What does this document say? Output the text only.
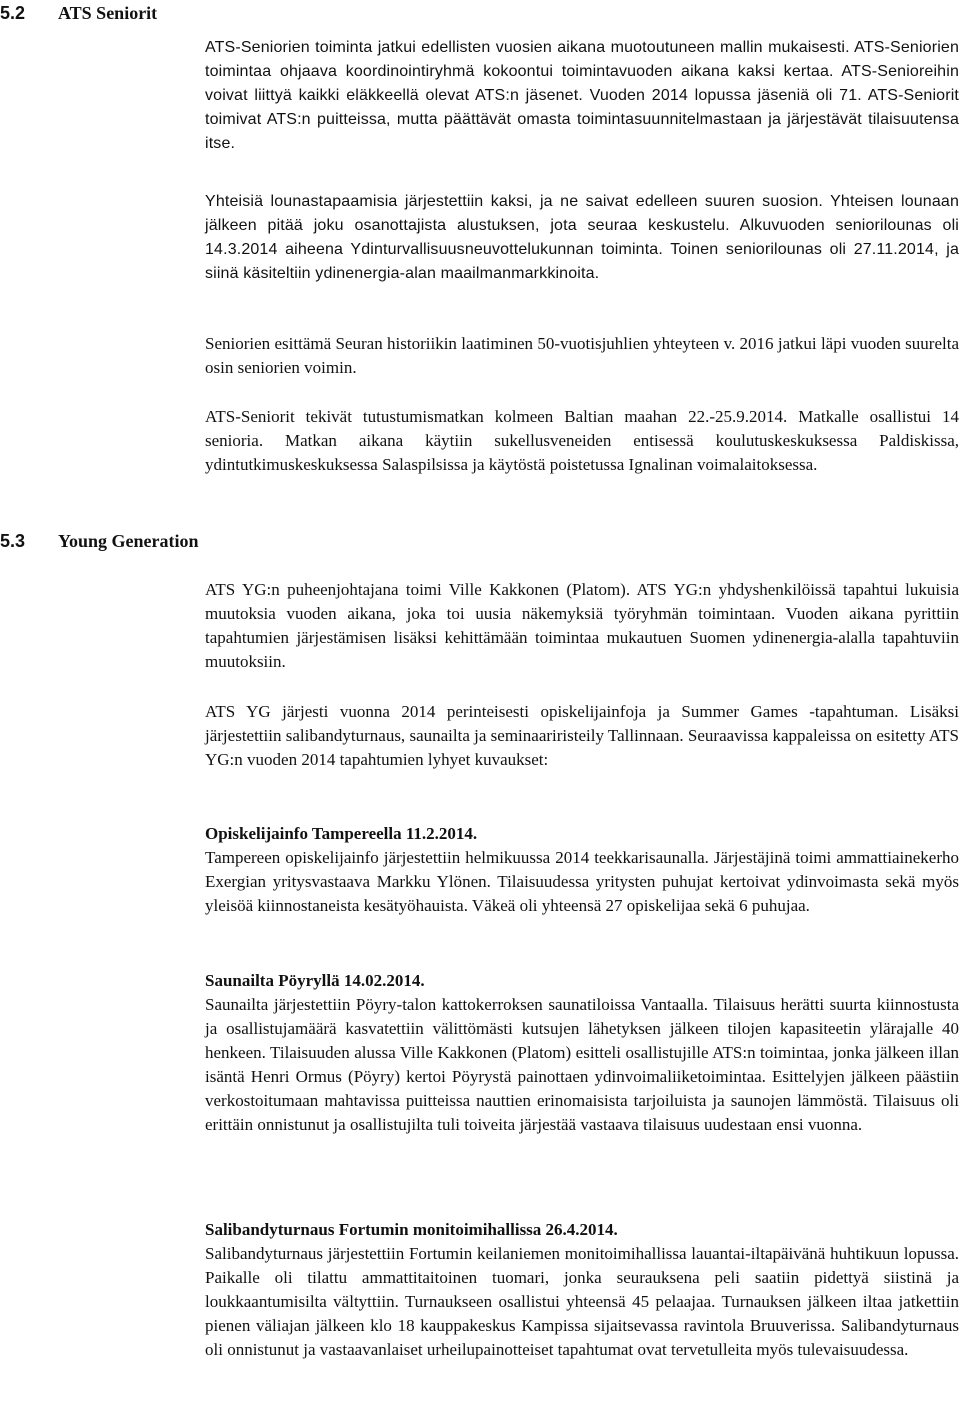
5.2 ATS Seniorit

ATS-Seniorien toiminta jatkui edellisten vuosien aikana muotoutuneen mallin mukaisesti. ATS-Seniorien toimintaa ohjaava koordinointiryhmä kokoontui toimintavuoden aikana kaksi kertaa. ATS-Senioreihin voivat liittyä kaikki eläkkeellä olevat ATS:n jäsenet. Vuoden 2014 lopussa jäseniä oli 71. ATS-Seniorit toimivat ATS:n puitteissa, mutta päättävät omasta toimintasuunnitelmastaan ja järjestävät tilaisuutensa itse.

Yhteisiä lounastapaamisia järjestettiin kaksi, ja ne saivat edelleen suuren suosion. Yhteisen lounaan jälkeen pitää joku osanottajista alustuksen, jota seuraa keskustelu. Alkuvuoden seniorilounas oli 14.3.2014 aiheena Ydinturvallisuusneuvottelukunnan toiminta. Toinen seniorilounas oli 27.11.2014, ja siinä käsiteltiin ydinenergia-alan maailmanmarkkinoita.

Seniorien esittämä Seuran historiikin laatiminen 50-vuotisjuhlien yhteyteen v. 2016 jatkui läpi vuoden suurelta osin seniorien voimin.

ATS-Seniorit tekivät tutustumismatkan kolmeen Baltian maahan 22.-25.9.2014. Matkalle osallistui 14 senioria. Matkan aikana käytiin sukellusveneiden entisessä koulutuskeskuksessa Paldiskissa, ydintutkimuskeskuksessa Salaspilsissa ja käytöstä poistetussa Ignalinan voimalaitoksessa.

5.3 Young Generation

ATS YG:n puheenjohtajana toimi Ville Kakkonen (Platom). ATS YG:n yhdyshenkilöissä tapahtui lukuisia muutoksia vuoden aikana, joka toi uusia näkemyksiä työryhmän toimintaan. Vuoden aikana pyrittiin tapahtumien järjestämisen lisäksi kehittämään toimintaa mukautuen Suomen ydinenergia-alalla tapahtuviin muutoksiin.

ATS YG järjesti vuonna 2014 perinteisesti opiskelijainfoja ja Summer Games -tapahtuman. Lisäksi järjestettiin salibandyturnaus, saunailta ja seminaariristeily Tallinnaan. Seuraavissa kappaleissa on esitetty ATS YG:n vuoden 2014 tapahtumien lyhyet kuvaukset:

Opiskelijainfo Tampereella 11.2.2014.
Tampereen opiskelijainfo järjestettiin helmikuussa 2014 teekkarisaunalla. Järjestäjinä toimi ammattiainekerho Exergian yritysvastaava Markku Ylönen. Tilaisuudessa yritysten puhujat kertoivat ydinvoimasta sekä myös yleisöä kiinnostaneista kesätyöhauista. Väkeä oli yhteensä 27 opiskelijaa sekä 6 puhujaa.

Saunailta Pöyryllä 14.02.2014.
Saunailta järjestettiin Pöyry-talon kattokerroksen saunatiloissa Vantaalla. Tilaisuus herätti suurta kiinnostusta ja osallistujamäärä kasvatettiin välittömästi kutsujen lähetyksen jälkeen tilojen kapasiteetin ylärajalle 40 henkeen. Tilaisuuden alussa Ville Kakkonen (Platom) esitteli osallistujille ATS:n toimintaa, jonka jälkeen illan isäntä Henri Ormus (Pöyry) kertoi Pöyrystä painottaen ydinvoimaliiketoimintaa. Esittelyjen jälkeen päästiin verkostoitumaan mahtavissa puitteissa nauttien erinomaisista tarjoiluista ja saunojen lämmöstä. Tilaisuus oli erittäin onnistunut ja osallistujilta tuli toiveita järjestää vastaava tilaisuus uudestaan ensi vuonna.

Salibandyturnaus Fortumin monitoimihallissa 26.4.2014.
Salibandyturnaus järjestettiin Fortumin keilaniemen monitoimihallissa lauantai-iltapäivänä huhtikuun lopussa. Paikalle oli tilattu ammattitaitoinen tuomari, jonka seurauksena peli saatiin pidettyä siistinä ja loukkaantumisilta vältyttiin. Turnaukseen osallistui yhteensä 45 pelaajaa. Turnauksen jälkeen iltaa jatkettiin pienen väliajan jälkeen klo 18 kauppakeskus Kampissa sijaitsevassa ravintola Bruuverissa. Salibandyturnaus oli onnistunut ja vastaavanlaiset urheilupainotteiset tapahtumat ovat tervetulleita myös tulevaisuudessa.
